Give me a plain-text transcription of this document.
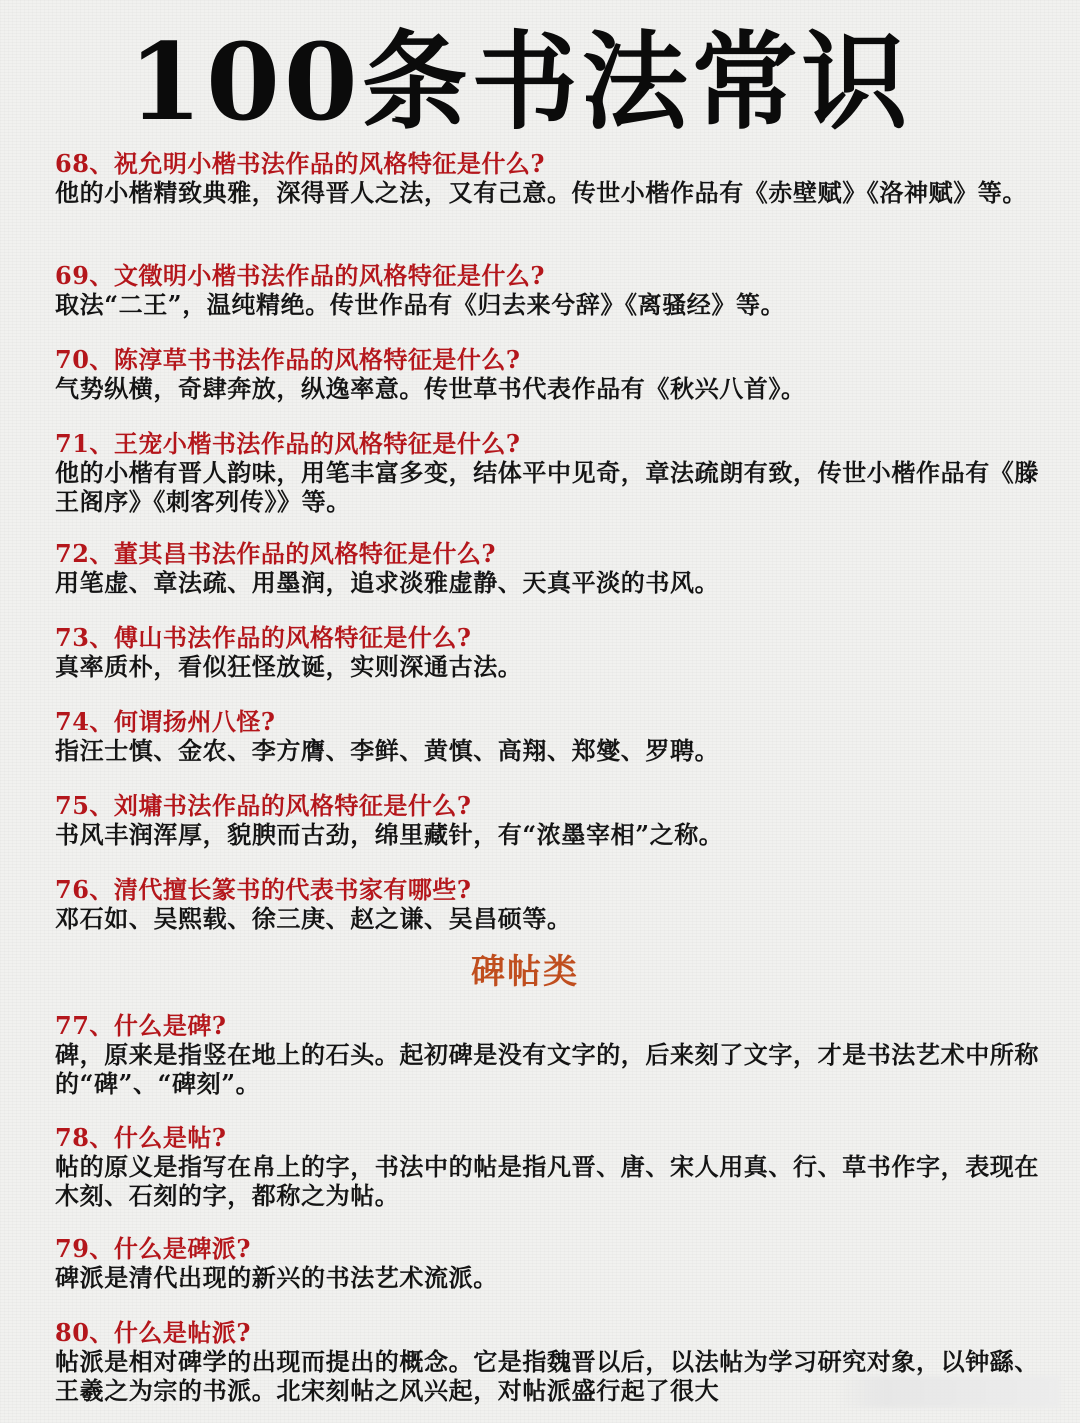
100条书法常识
68、祝允明小楷书法作品的风格特征是什么?
他的小楷精致典雅，深得晋人之法，又有己意。传世小楷作品有《赤壁赋》《洛神赋》等。
69、文徵明小楷书法作品的风格特征是什么?
取法“二王”，温纯精绝。传世作品有《归去来兮辞》《离骚经》等。
70、陈淳草书书法作品的风格特征是什么?
气势纵横，奇肆奔放，纵逸率意。传世草书代表作品有《秋兴八首》。
71、王宠小楷书法作品的风格特征是什么?
他的小楷有晋人韵味，用笔丰富多变，结体平中见奇，章法疏朗有致，传世小楷作品有《滕王阁序》《刺客列传》》等。
72、董其昌书法作品的风格特征是什么?
用笔虚、章法疏、用墨润，追求淡雅虚静、天真平淡的书风。
73、傅山书法作品的风格特征是什么?
真率质朴，看似狂怪放诞，实则深通古法。
74、何谓扬州八怪?
指汪士慎、金农、李方膺、李鲜、黄慎、高翔、郑燮、罗聘。
75、刘墉书法作品的风格特征是什么?
书风丰润浑厚，貌腴而古劲，绵里藏针，有“浓墨宰相”之称。
76、清代擅长篆书的代表书家有哪些?
邓石如、吴熙载、徐三庚、赵之谦、吴昌硕等。
碑帖类
77、什么是碑?
碑，原来是指竖在地上的石头。起初碑是没有文字的，后来刻了文字，才是书法艺术中所称的“碑”、“碑刻”。
78、什么是帖?
帖的原义是指写在帛上的字，书法中的帖是指凡晋、唐、宋人用真、行、草书作字，表现在木刻、石刻的字，都称之为帖。
79、什么是碑派?
碑派是清代出现的新兴的书法艺术流派。
80、什么是帖派?
帖派是相对碑学的出现而提出的概念。它是指魏晋以后，以法帖为学习研究对象，以钟繇、王羲之为宗的书派。北宋刻帖之风兴起，对帖派盛行起了很大
